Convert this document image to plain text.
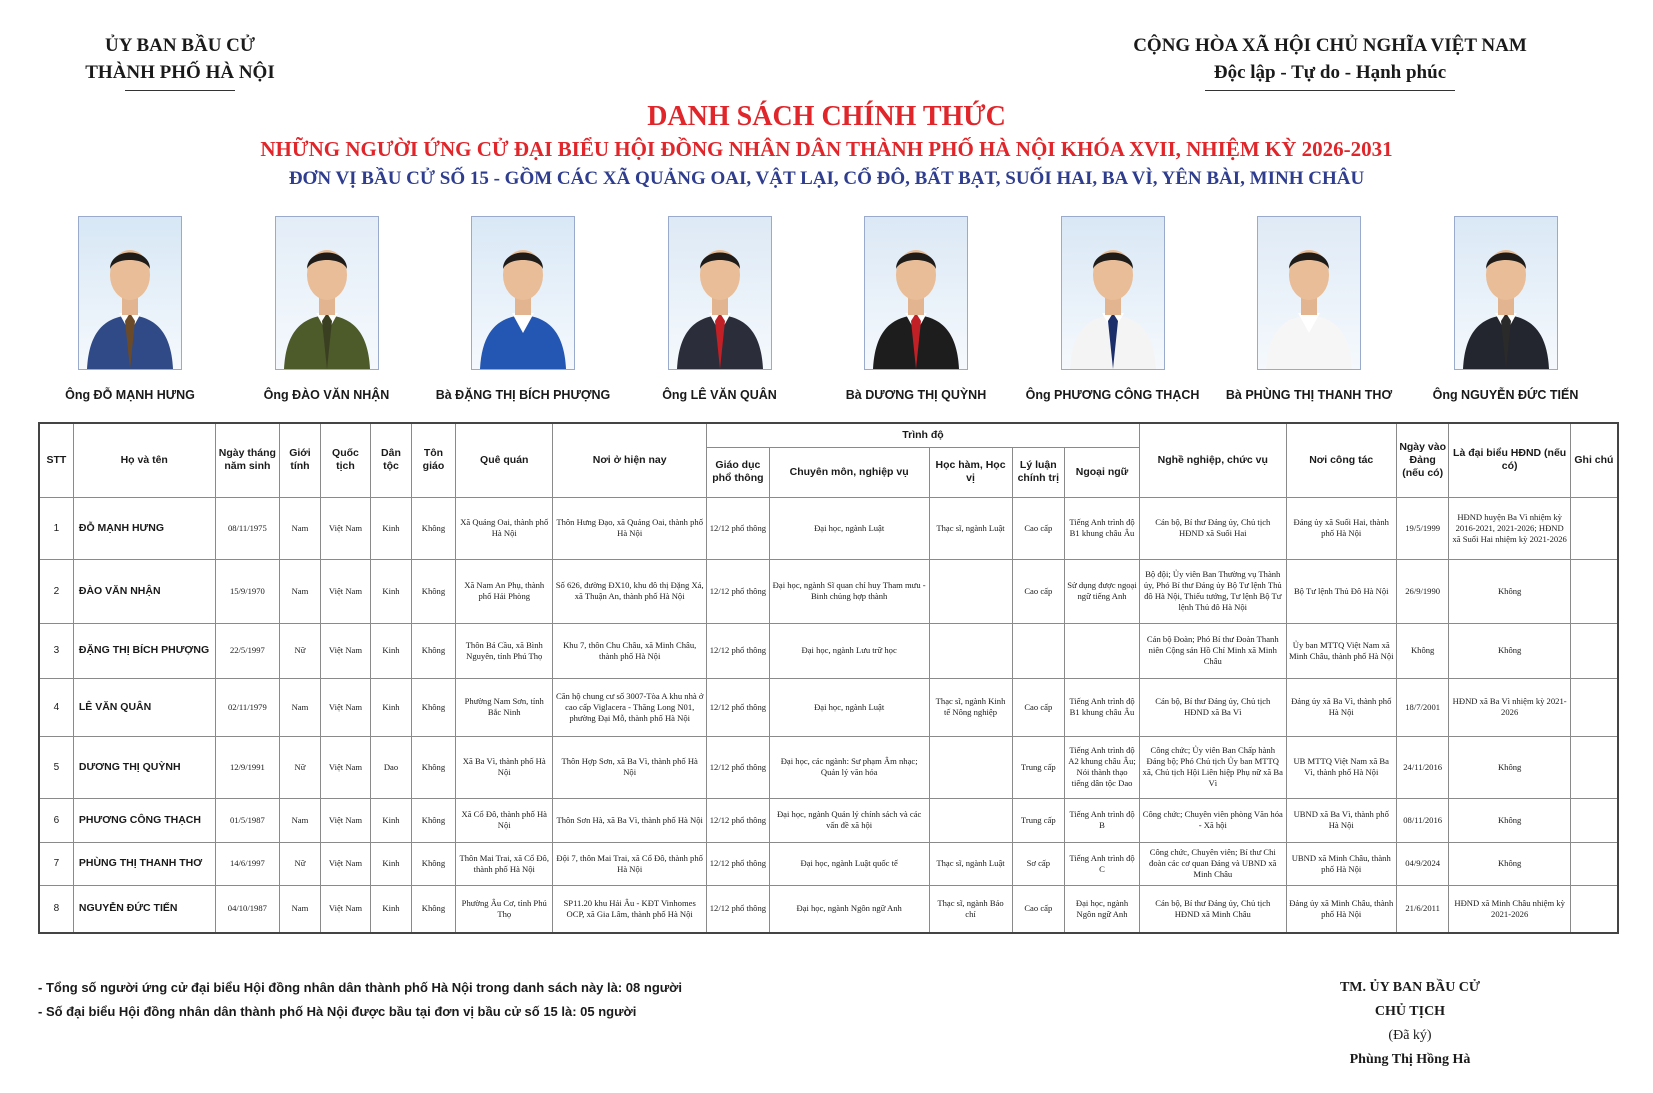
ỦY BAN BẦU CỬ
THÀNH PHỐ HÀ NỘI
CỘNG HÒA XÃ HỘI CHỦ NGHĨA VIỆT NAM
Độc lập - Tự do - Hạnh phúc
DANH SÁCH CHÍNH THỨC
NHỮNG NGƯỜI ỨNG CỬ ĐẠI BIỂU HỘI ĐỒNG NHÂN DÂN THÀNH PHỐ HÀ NỘI KHÓA XVII, NHIỆM KỲ 2026-2031
ĐƠN VỊ BẦU CỬ SỐ 15 - GỒM CÁC XÃ QUẢNG OAI, VẬT LẠI, CỔ ĐÔ, BẤT BẠT, SUỐI HAI, BA VÌ, YÊN BÀI, MINH CHÂU
Ông ĐỖ MẠNH HƯNG	Ông ĐÀO VĂN NHẬN	Bà ĐẶNG THỊ BÍCH PHƯỢNG	Ông LÊ VĂN QUÂN	Bà DƯƠNG THỊ QUỲNH	Ông PHƯƠNG CÔNG THẠCH	Bà PHÙNG THỊ THANH THƠ	Ông NGUYỄN ĐỨC TIẾN
STT	Họ và tên	Ngày tháng năm sinh	Giới tính	Quốc tịch	Dân tộc	Tôn giáo	Quê quán	Nơi ở hiện nay	Trình độ					Nghề nghiệp, chức vụ	Nơi công tác	Ngày vào Đảng (nếu có)	Là đại biểu HĐND (nếu có)	Ghi chú
									Giáo dục phổ thông	Chuyên môn, nghiệp vụ	Học hàm, Học vị	Lý luận chính trị	Ngoại ngữ					
1	ĐỖ MẠNH HƯNG	08/11/1975	Nam	Việt Nam	Kinh	Không	Xã Quảng Oai, thành phố Hà Nội	Thôn Hưng Đạo, xã Quảng Oai, thành phố Hà Nội	12/12 phổ thông	Đại học, ngành Luật	Thạc sĩ, ngành Luật	Cao cấp	Tiếng Anh trình độ B1 khung châu Âu	Cán bộ, Bí thư Đảng ủy, Chủ tịch HĐND xã Suối Hai	Đảng ủy xã Suối Hai, thành phố Hà Nội	19/5/1999	HĐND huyện Ba Vì nhiệm kỳ 2016-2021, 2021-2026; HĐND xã Suối Hai nhiệm kỳ 2021-2026	
2	ĐÀO VĂN NHẬN	15/9/1970	Nam	Việt Nam	Kinh	Không	Xã Nam An Phụ, thành phố Hải Phòng	Số 626, đường ĐX10, khu đô thị Đặng Xá, xã Thuận An, thành phố Hà Nội	12/12 phổ thông	Đại học, ngành Sĩ quan chỉ huy Tham mưu - Binh chủng hợp thành		Cao cấp	Sử dụng được ngoại ngữ tiếng Anh	Bộ đội; Ủy viên Ban Thường vụ Thành ủy, Phó Bí thư Đảng ủy Bộ Tư lệnh Thủ đô Hà Nội, Thiếu tướng, Tư lệnh Bộ Tư lệnh Thủ đô Hà Nội	Bộ Tư lệnh Thủ Đô Hà Nội	26/9/1990	Không	
3	ĐẶNG THỊ BÍCH PHƯỢNG	22/5/1997	Nữ	Việt Nam	Kinh	Không	Thôn Bá Cầu, xã Bình Nguyên, tỉnh Phú Thọ	Khu 7, thôn Chu Châu, xã Minh Châu, thành phố Hà Nội	12/12 phổ thông	Đại học, ngành Lưu trữ học				Cán bộ Đoàn; Phó Bí thư Đoàn Thanh niên Cộng sản Hồ Chí Minh xã Minh Châu	Ủy ban MTTQ Việt Nam xã Minh Châu, thành phố Hà Nội	Không	Không	
4	LÊ VĂN QUÂN	02/11/1979	Nam	Việt Nam	Kinh	Không	Phường Nam Sơn, tỉnh Bắc Ninh	Căn hộ chung cư số 3007-Tòa A khu nhà ở cao cấp Viglacera - Thăng Long N01, phường Đại Mỗ, thành phố Hà Nội	12/12 phổ thông	Đại học, ngành Luật	Thạc sĩ, ngành Kinh tế Nông nghiệp	Cao cấp	Tiếng Anh trình độ B1 khung châu Âu	Cán bộ, Bí thư Đảng ủy, Chủ tịch HĐND xã Ba Vì	Đảng ủy xã Ba Vì, thành phố Hà Nội	18/7/2001	HĐND xã Ba Vì nhiệm kỳ 2021-2026	
5	DƯƠNG THỊ QUỲNH	12/9/1991	Nữ	Việt Nam	Dao	Không	Xã Ba Vì, thành phố Hà Nội	Thôn Hợp Sơn, xã Ba Vì, thành phố Hà Nội	12/12 phổ thông	Đại học, các ngành: Sư phạm Âm nhạc; Quản lý văn hóa		Trung cấp	Tiếng Anh trình độ A2 khung châu Âu; Nói thành thạo tiếng dân tộc Dao	Công chức; Ủy viên Ban Chấp hành Đảng bộ; Phó Chủ tịch Ủy ban MTTQ xã, Chủ tịch Hội Liên hiệp Phụ nữ xã Ba Vì	UB MTTQ Việt Nam xã Ba Vì, thành phố Hà Nội	24/11/2016	Không	
6	PHƯƠNG CÔNG THẠCH	01/5/1987	Nam	Việt Nam	Kinh	Không	Xã Cổ Đô, thành phố Hà Nội	Thôn Sơn Hà, xã Ba Vì, thành phố Hà Nội	12/12 phổ thông	Đại học, ngành Quản lý chính sách và các vấn đề xã hội		Trung cấp	Tiếng Anh trình độ B	Công chức; Chuyên viên phòng Văn hóa - Xã hội	UBND xã Ba Vì, thành phố Hà Nội	08/11/2016	Không	
7	PHÙNG THỊ THANH THƠ	14/6/1997	Nữ	Việt Nam	Kinh	Không	Thôn Mai Trai, xã Cổ Đô, thành phố Hà Nội	Đội 7, thôn Mai Trai, xã Cổ Đô, thành phố Hà Nội	12/12 phổ thông	Đại học, ngành Luật quốc tế	Thạc sĩ, ngành Luật	Sơ cấp	Tiếng Anh trình độ C	Công chức, Chuyên viên; Bí thư Chi đoàn các cơ quan Đảng và UBND xã Minh Châu	UBND xã Minh Châu, thành phố Hà Nội	04/9/2024	Không	
8	NGUYỄN ĐỨC TIẾN	04/10/1987	Nam	Việt Nam	Kinh	Không	Phường Âu Cơ, tỉnh Phú Thọ	SP11.20 khu Hải Âu - KĐT Vinhomes OCP, xã Gia Lâm, thành phố Hà Nội	12/12 phổ thông	Đại học, ngành Ngôn ngữ Anh	Thạc sĩ, ngành Báo chí	Cao cấp	Đại học, ngành Ngôn ngữ Anh	Cán bộ, Bí thư Đảng ủy, Chủ tịch HĐND xã Minh Châu	Đảng ủy xã Minh Châu, thành phố Hà Nội	21/6/2011	HĐND xã Minh Châu nhiệm kỳ 2021-2026	
- Tổng số người ứng cử đại biểu Hội đồng nhân dân thành phố Hà Nội trong danh sách này là: 08 người
- Số đại biểu Hội đồng nhân dân thành phố Hà Nội được bầu tại đơn vị bầu cử số 15 là: 05 người
TM. ỦY BAN BẦU CỬ
CHỦ TỊCH
(Đã ký)
Phùng Thị Hồng Hà
